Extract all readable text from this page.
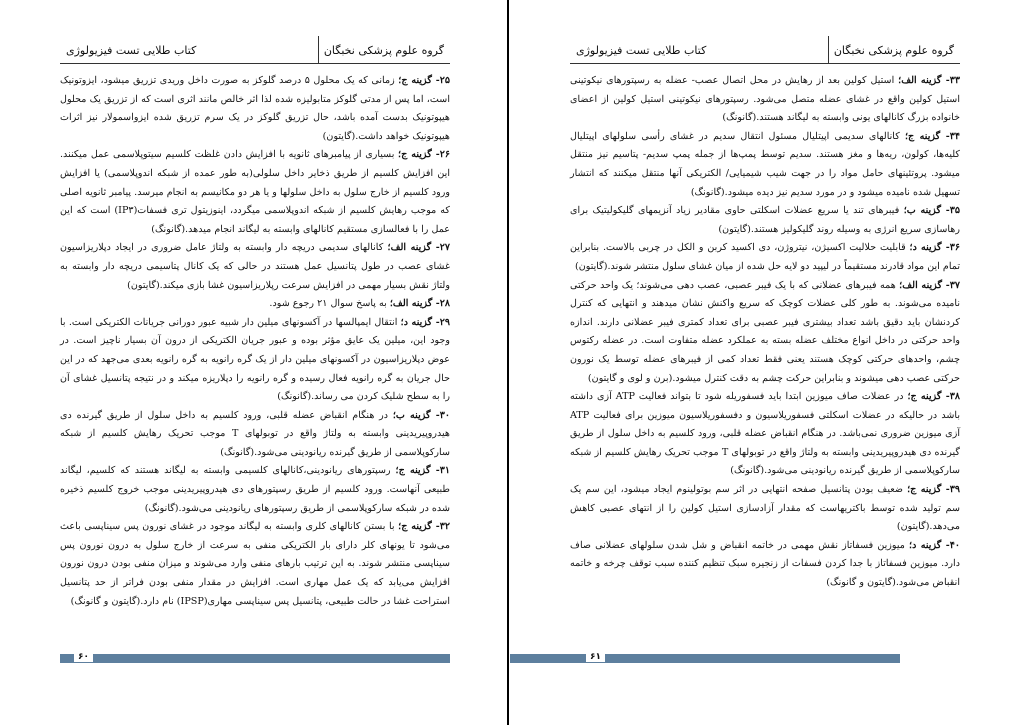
گروه علوم پزشکی نخبگان
کتاب طلایی تست فیزیولوژی

۲۵- گزینه ج؛ زمانی که یک محلول ۵ درصد گلوکز به صورت داخل وریدی تزریق میشود، ایزوتونیک است، اما پس از مدتی گلوکز متابولیزه شده لذا اثر خالص مانند اثری است که از تزریق یک محلول هیپوتونیک بدست آمده باشد، حال تزریق گلوکز در یک سرم تزریق شده ایزواسمولار نیز اثرات هیپوتونیک خواهد داشت.(گایتون)

۲۶- گزینه ج؛ بسیاری از پیامبرهای ثانویه با افزایش دادن غلظت کلسیم سیتوپلاسمی عمل میکنند. این افزایش کلسیم از طریق ذخایر داخل سلولی(به طور عمده از شبکه اندوپلاسمی) یا افزایش ورود کلسیم از خارج سلول به داخل سلولها و یا هر دو مکانیسم به انجام میرسد. پیامبر ثانویه اصلی که موجب رهایش کلسیم از شبکه اندوپلاسمی میگردد، اینوزیتول تری فسفات(IP۳) است که این عمل را با فعالسازی مستقیم کانالهای وابسته به لیگاند انجام میدهد.(گانونگ)

۲۷- گزینه الف؛ کانالهای سدیمی دریچه دار وابسته به ولتاژ عامل ضروری در ایجاد دپلاریزاسیون غشای عصب در طول پتانسیل عمل هستند در حالی که یک کانال پتاسیمی دریچه دار وابسته به ولتاژ نقش بسیار مهمی در افزایش سرعت رپلاریزاسیون غشا بازی میکند.(گایتون)

۲۸- گزینه الف؛ به پاسخ سوال ۲۱ رجوع شود.

۲۹- گزینه د؛ انتقال ایمپالسها در آکسونهای میلین دار شبیه عبور دورانی جریانات الکتریکی است. با وجود این، میلین یک عایق مؤثر بوده و عبور جریان الکتریکی از درون آن بسیار ناچیز است. در عوض دپلاریزاسیون در آکسونهای میلین دار از یک گره رانویه به گره رانویه بعدی می‌جهد که در این حال جریان به گره رانویه فعال رسیده و گره رانویه را دپلاریزه میکند و در نتیجه پتانسیل غشای آن را به سطح شلیک کردن می رساند.(گانونگ)

۳۰- گزینه ب؛ در هنگام انقباض عضله قلبی، ورود کلسیم به داخل سلول از طریق گیرنده دی هیدروپیریدینی وابسته به ولتاژ واقع در توبولهای T موجب تحریک رهایش کلسیم از شبکه سارکوپلاسمی از طریق گیرنده ریانودینی می‌شود.(گانونگ)

۳۱- گزینه ج؛ رسپتورهای ریانودینی،کانالهای کلسیمی وابسته به لیگاند هستند که کلسیم، لیگاند طبیعی آنهاست. ورود کلسیم از طریق رسپتورهای دی هیدروپیریدینی موجب خروج کلسیم ذخیره شده در شبکه سارکوپلاسمی از طریق رسپتورهای ریانودینی می‌شود.(گانونگ)

۳۲- گزینه ج؛ با بستن کانالهای کلری وابسته به لیگاند موجود در غشای نورون پس سیناپسی باعث می‌شود تا یونهای کلر دارای بار الکتریکی منفی به سرعت از خارج سلول به درون نورون پس سیناپسی منتشر شوند. به این ترتیب بارهای منفی وارد می‌شوند و میزان منفی بودن درون نورون افزایش می‌یابد که یک عمل مهاری است. افزایش در مقدار منفی بودن فراتر از حد پتانسیل استراحت غشا در حالت طبیعی، پتانسیل پس سیناپسی مهاری(IPSP) نام دارد.(گایتون و گانونگ)

۶۰
گروه علوم پزشکی نخبگان
کتاب طلایی تست فیزیولوژی

۳۳- گزینه الف؛ استیل کولین بعد از رهایش در محل اتصال عصب- عضله به رسپتورهای نیکوتینی استیل کولین واقع در غشای عضله متصل می‌شود. رسپتورهای نیکوتینی استیل کولین از اعضای خانواده بزرگ کانالهای یونی وابسته به لیگاند هستند.(گانونگ)

۳۴- گزینه ج؛ کانالهای سدیمی اپیتلیال مسئول انتقال سدیم در غشای رأسی سلولهای اپیتلیال کلیه‌ها، کولون، ریه‌ها و مغز هستند. سدیم توسط پمپ‌ها از جمله پمپ سدیم- پتاسیم نیز منتقل میشود. پروتئینهای حامل مواد را در جهت شیب شیمیایی/ الکتریکی آنها منتقل میکنند که انتشار تسهیل شده نامیده میشود و در مورد سدیم نیز دیده میشود.(گانونگ)

۳۵- گزینه ب؛ فیبرهای تند یا سریع عضلات اسکلتی حاوی مقادیر زیاد آنزیمهای گلیکولیتیک برای رهاسازی سریع انرژی به وسیله روند گلیکولیز هستند.(گایتون)

۳۶- گزینه د؛ قابلیت حلالیت اکسیژن، نیتروژن، دی اکسید کربن و الکل در چربی بالاست. بنابراین تمام این مواد قادرند مستقیماً در لیپید دو لایه حل شده از میان غشای سلول منتشر شوند.(گایتون)

۳۷- گزینه الف؛ همه فیبرهای عضلانی که با یک فیبر عصبی، عصب دهی می‌شوند؛ یک واحد حرکتی نامیده می‌شوند. به طور کلی عضلات کوچک که سریع واکنش نشان میدهند و انتهایی که کنترل کردنشان باید دقیق باشد تعداد بیشتری فیبر عصبی برای تعداد کمتری فیبر عضلانی دارند. اندازه واحد حرکتی در داخل انواع مختلف عضله بسته به عملکرد عضله متفاوت است. در عضله رکتوس چشم، واحدهای حرکتی کوچک هستند یعنی فقط تعداد کمی از فیبرهای عضله توسط یک نورون حرکتی عصب دهی میشوند و بنابراین حرکت چشم به دقت کنترل میشود.(برن و لوی و گایتون)

۳۸- گزینه ج؛ در عضلات صاف میوزین ابتدا باید فسفوریله شود تا بتواند فعالیت ATP آزی داشته باشد در حالیکه در عضلات اسکلتی فسفوریلاسیون و دفسفوریلاسیون میوزین برای فعالیت ATP آزی میوزین ضروری نمی‌باشد. در هنگام انقباض عضله قلبی، ورود کلسیم به داخل سلول از طریق گیرنده دی هیدروپیریدینی وابسته به ولتاژ واقع در توبولهای T موجب تحریک رهایش کلسیم از شبکه سارکوپلاسمی از طریق گیرنده ریانودینی می‌شود.(گانونگ)

۳۹- گزینه ج؛ ضعیف بودن پتانسیل صفحه انتهایی در اثر سم بوتولینوم ایجاد میشود، این سم یک سم تولید شده توسط باکتریهاست که مقدار آزادسازی استیل کولین را از انتهای عصبی کاهش می‌دهد.(گایتون)

۴۰- گزینه د؛ میوزین فسفاتاز نقش مهمی در خاتمه انقباض و شل شدن سلولهای عضلانی صاف دارد. میوزین فسفاتاز با جدا کردن فسفات از زنجیره سبک تنظیم کننده سبب توقف چرخه و خاتمه انقباض می‌شود.(گایتون و گانونگ)

۶۱
